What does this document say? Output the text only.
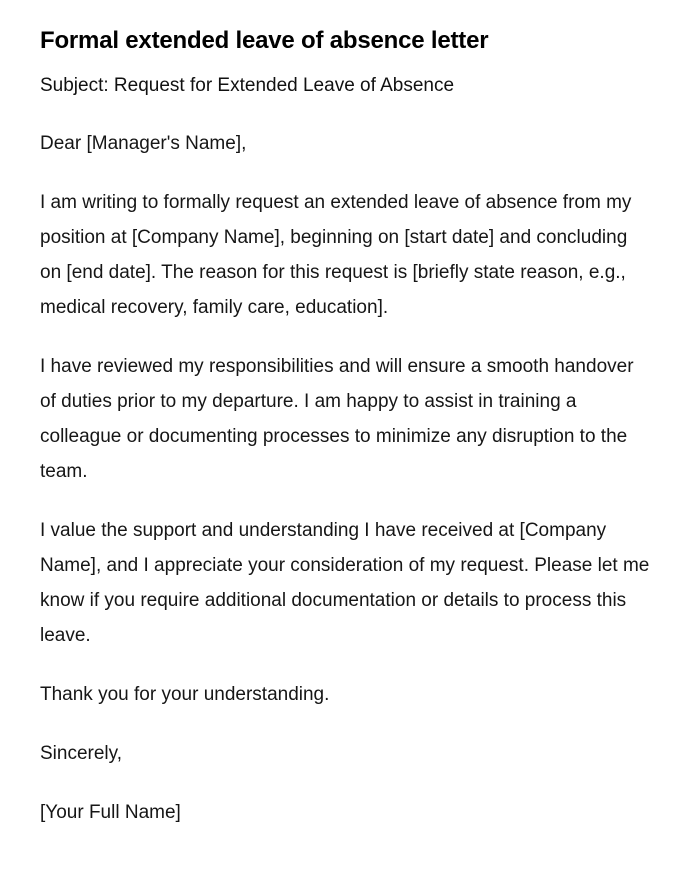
Formal extended leave of absence letter

Subject: Request for Extended Leave of Absence

Dear [Manager's Name],

I am writing to formally request an extended leave of absence from my position at [Company Name], beginning on [start date] and concluding on [end date]. The reason for this request is [briefly state reason, e.g., medical recovery, family care, education].

I have reviewed my responsibilities and will ensure a smooth handover of duties prior to my departure. I am happy to assist in training a colleague or documenting processes to minimize any disruption to the team.

I value the support and understanding I have received at [Company Name], and I appreciate your consideration of my request. Please let me know if you require additional documentation or details to process this leave.

Thank you for your understanding.

Sincerely,

[Your Full Name]
